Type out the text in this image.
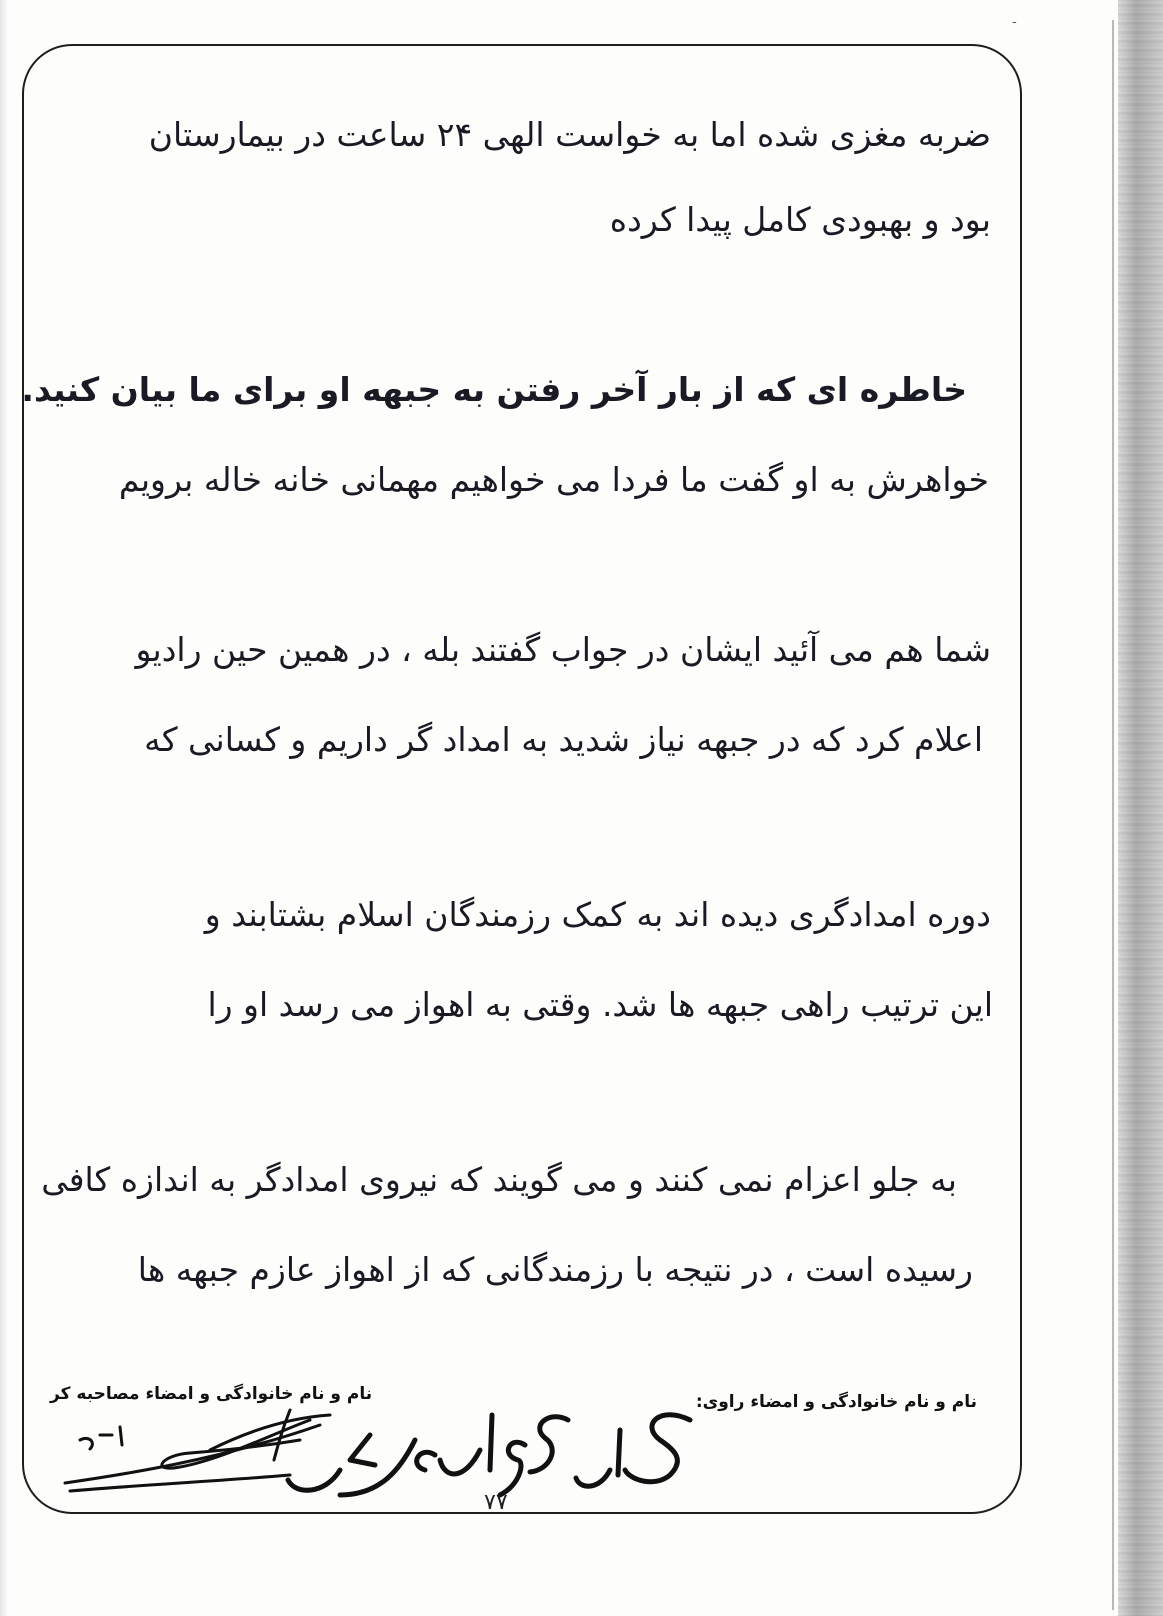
-
ضربه مغزی شده اما به خواست الهی ۲۴ ساعت در بیمارستان
بود و بهبودی کامل پیدا کرده
خاطره ای که از بار آخر رفتن به جبهه او برای ما بیان کنید.
خواهرش به او گفت ما فردا می خواهیم مهمانی خانه خاله برویم
شما هم می آئید ایشان در جواب گفتند بله ، در همین حین رادیو
اعلام کرد که در جبهه نیاز شدید به امداد گر داریم و کسانی که
دوره امدادگری دیده اند به کمک رزمندگان اسلام بشتابند و
این ترتیب راهی جبهه ها شد. وقتی به اهواز می رسد او را
به جلو اعزام نمی کنند و می گویند که نیروی امدادگر به اندازه کافی
رسیده است ، در نتیجه با رزمندگانی که از اهواز عازم جبهه ها
نام و نام خانوادگی و امضاء راوی:
نام و نام خانوادگی و امضاء مصاحبه کر
۷۷
